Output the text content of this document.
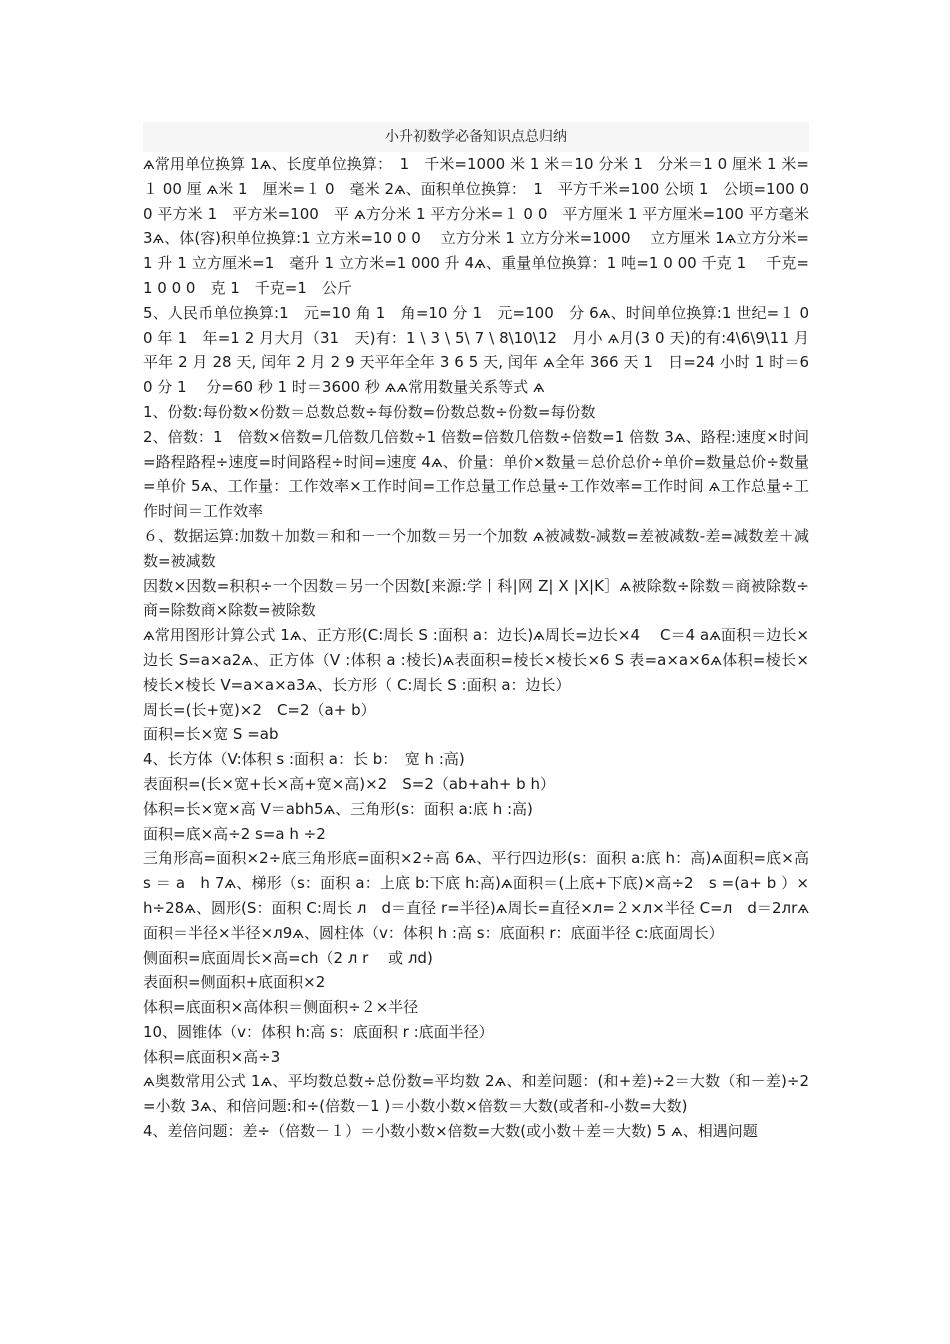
小升初数学必备知识点总归纳

ѧ常用单位换算 1ѧ、长度单位换算：　1　千米=1000 米 1 米＝10 分米 1　分米＝1 0 厘米 1 米=１ 00 厘 ѧ米 1　厘米=１ 0　毫米 2ѧ、面积单位换算：　1　平方千米=100 公顷 1　公顷=100 0 0 平方米 1　平方米=100　平 ѧ方分米 1 平方分米=１ 0 0　平方厘米 1 平方厘米=100 平方毫米 3ѧ、体(容)积单位换算:1 立方米=10 0 0　 立方分米 1 立方分米=1000　 立方厘米 1ѧ立方分米=1 升 1 立方厘米=1　毫升 1 立方米=1 000 升 4ѧ、重量单位换算：1 吨=1 0 00 千克 1　 千克=1 0 0 0　克 1　千克=1　公斤

5、人民币单位换算:1　元=10 角 1　角=10 分 1　元=100　分 6ѧ、时间单位换算:1 世纪=１ 0 0 年 1　年=1 2 月大月（31　天)有：1 \ 3 \ 5\ 7 \ 8\10\12　月小 ѧ月(3 0 天)的有:4\6\9\11 月平年 2 月 28 天, 闰年 2 月 2 9 天平年全年 3 6 5 天, 闰年 ѧ全年 366 天 1　日=24 小时 1 时＝60 分 1　 分=60 秒 1 时＝3600 秒 ѧѧ常用数量关系等式 ѧ

1、份数:每份数×份数＝总数总数÷每份数=份数总数÷份数=每份数

2、倍数：1　倍数×倍数=几倍数几倍数÷1 倍数=倍数几倍数÷倍数=1 倍数 3ѧ、路程:速度×时间=路程路程÷速度=时间路程÷时间=速度 4ѧ、价量：单价×数量＝总价总价÷单价=数量总价÷数量=单价 5ѧ、工作量：工作效率×工作时间=工作总量工作总量÷工作效率=工作时间 ѧ工作总量÷工作时间＝工作效率

６、数据运算:加数＋加数＝和和－一个加数＝另一个加数 ѧ被减数-减数=差被减数-差=减数差＋减数=被减数

因数×因数=积积÷一个因数＝另一个因数[来源:学丨科|网 Z| X |X|K］ѧ被除数÷除数＝商被除数÷商=除数商×除数=被除数

ѧ常用图形计算公式 1ѧ、正方形(C:周长 S :面积 a：边长)ѧ周长=边长×4　 C＝4 aѧ面积＝边长×边长 S=a×a2ѧ、正方体（V :体积 a :棱长)ѧ表面积=棱长×棱长×6 S 表=a×a×6ѧ体积=棱长×棱长×棱长 V=a×a×a3ѧ、长方形（ C:周长 S :面积 a：边长）

周长=(长+宽)×2　C=2（a+ b）

面积=长×宽 S =ab

4、长方体（V:体积 s :面积 a：长 b：　宽 h :高)

表面积=(长×宽+长×高+宽×高)×2　S=2（ab+ah+ b h）

体积=长×宽×高 V＝abh5ѧ、三角形(s：面积 a:底 h :高)

面积=底×高÷2 s=a h ÷2

三角形高=面积×2÷底三角形底=面积×2÷高 6ѧ、平行四边形(s：面积 a:底 h：高)ѧ面积=底×高 s ＝ a　h 7ѧ、梯形（s：面积 a：上底 b:下底 h:高)ѧ面积＝(上底+下底)×高÷2　s =(a+ b ）×　h÷28ѧ、圆形(S：面积 C:周长 л　d＝直径 r=半径)ѧ周长=直径×л=２×л×半径 C=л　d＝2лrѧ面积＝半径×半径×л9ѧ、圆柱体（v：体积 h :高 s：底面积 r：底面半径 c:底面周长）

侧面积=底面周长×高=ch（2 л r　 或 лd)

表面积=侧面积+底面积×2

体积=底面积×高体积＝侧面积÷２×半径

10、圆锥体（v：体积 h:高 s：底面积 r :底面半径）

体积=底面积×高÷3

ѧ奥数常用公式 1ѧ、平均数总数÷总份数=平均数 2ѧ、和差问题：(和+差)÷2＝大数（和－差)÷2=小数 3ѧ、和倍问题:和÷(倍数－1 )＝小数小数×倍数＝大数(或者和-小数=大数)

4、差倍问题：差÷（倍数－１）＝小数小数×倍数=大数(或小数＋差＝大数) 5 ѧ、相遇问题
